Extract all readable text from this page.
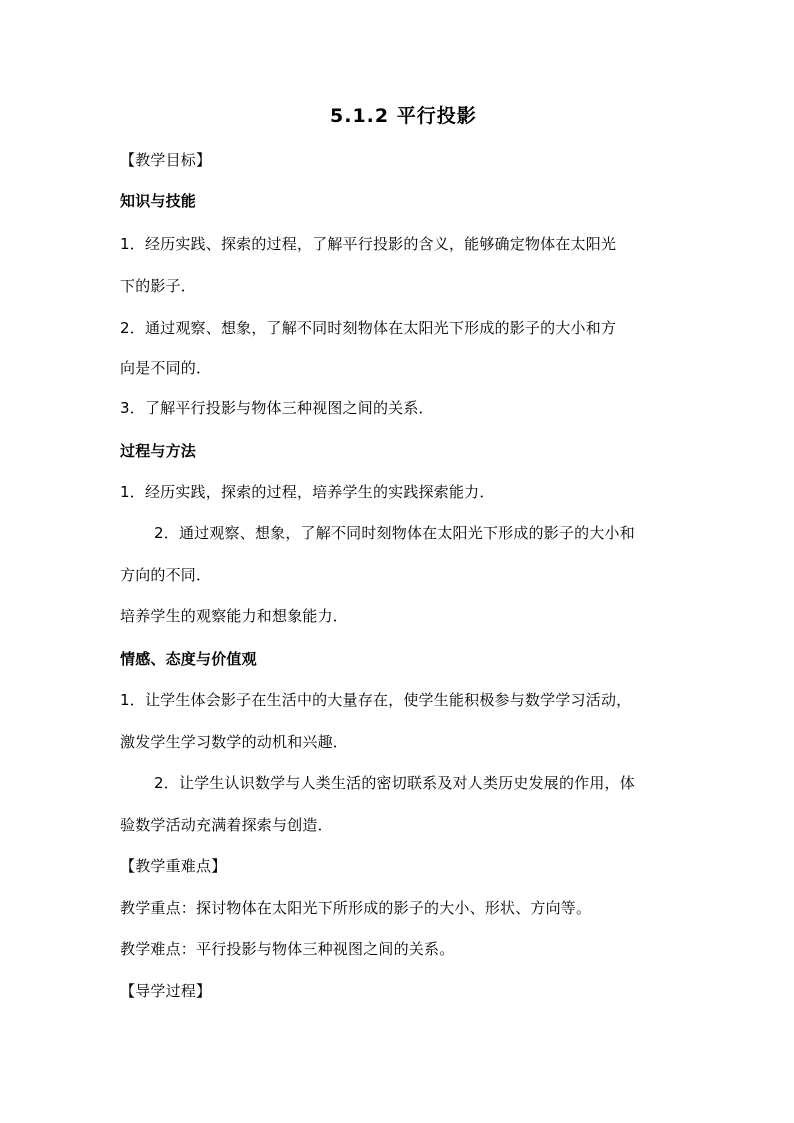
5.1.2 平行投影
【教学目标】
知识与技能
1．经历实践、探索的过程，了解平行投影的含义，能够确定物体在太阳光
下的影子．
2．通过观察、想象，了解不同时刻物体在太阳光下形成的影子的大小和方
向是不同的．
3．了解平行投影与物体三种视图之间的关系．
过程与方法
1．经历实践，探索的过程，培养学生的实践探索能力．
2．通过观察、想象，了解不同时刻物体在太阳光下形成的影子的大小和
方向的不同．
培养学生的观察能力和想象能力．
情感、态度与价值观
1．让学生体会影子在生活中的大量存在，使学生能积极参与数学学习活动，
激发学生学习数学的动机和兴趣．
2．让学生认识数学与人类生活的密切联系及对人类历史发展的作用，体
验数学活动充满着探索与创造．
【教学重难点】
教学重点：探讨物体在太阳光下所形成的影子的大小、形状、方向等。
教学难点：平行投影与物体三种视图之间的关系。
【导学过程】
